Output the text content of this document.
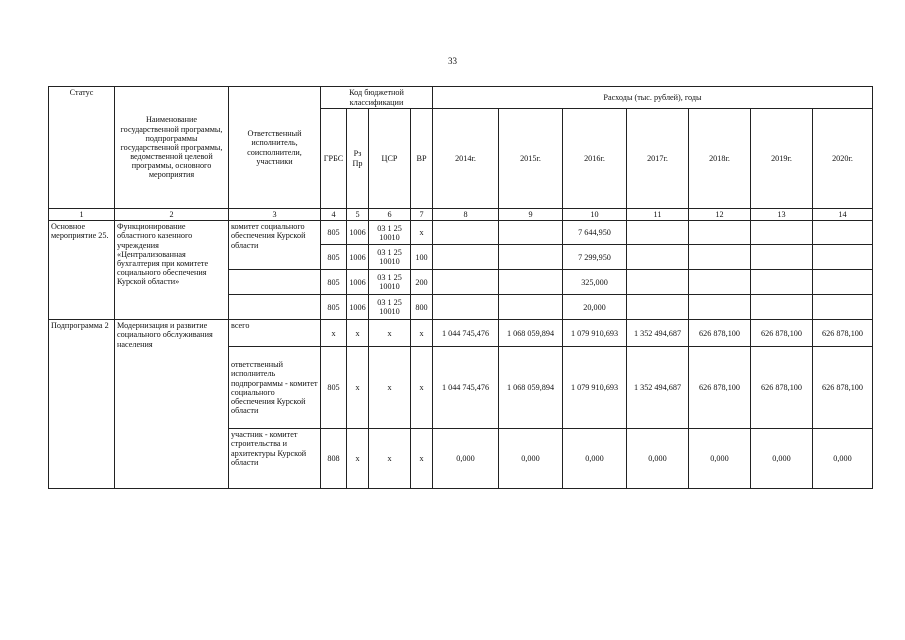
33
Статус	Наименование государственной программы, подпрограммы государственной программы, ведомственной целевой программы, основного мероприятия	Ответственный исполнитель, соисполнители, участники	Код бюджетной классификации				Расходы (тыс. рублей), годы						
			ГРБС	Рз Пр	ЦСР	ВР	2014г.	2015г.	2016г.	2017г.	2018г.	2019г.	2020г.
1	2	3	4	5	6	7	8	9	10	11	12	13	14
Основное мероприятие 25.	Функционирование областного казенного учреждения «Централизованная бухгалтерия при комитете социального обеспечения Курской области»	комитет социального обеспечения Курской области	805	1006	03 1 25 10010	х			7 644,950				
			805	1006	03 1 25 10010	100			7 299,950				
			805	1006	03 1 25 10010	200			325,000				
			805	1006	03 1 25 10010	800			20,000				
Подпрограмма 2	Модернизация и развитие социального обслуживания населения	всего	х	х	х	х	1 044 745,476	1 068 059,894	1 079 910,693	1 352 494,687	626 878,100	626 878,100	626 878,100
		ответственный исполнитель подпрограммы - комитет социального обеспечения Курской области	805	х	х	х	1 044 745,476	1 068 059,894	1 079 910,693	1 352 494,687	626 878,100	626 878,100	626 878,100
		участник - комитет строительства и архитектуры Курской области	808	х	х	х	0,000	0,000	0,000	0,000	0,000	0,000	0,000
